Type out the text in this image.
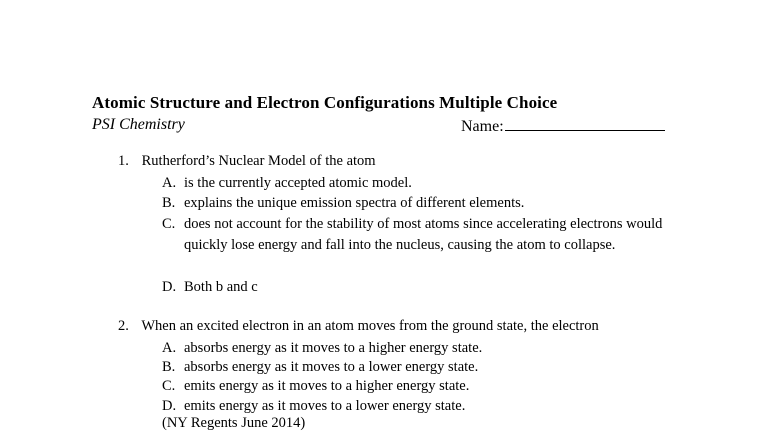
Atomic Structure and Electron Configurations Multiple Choice
PSI Chemistry	Name:
1. Rutherford’s Nuclear Model of the atom
A. is the currently accepted atomic model.
B. explains the unique emission spectra of different elements.
C. does not account for the stability of most atoms since accelerating electrons would quickly lose energy and fall into the nucleus, causing the atom to collapse.
D. Both b and c
2. When an excited electron in an atom moves from the ground state, the electron
A. absorbs energy as it moves to a higher energy state.
B. absorbs energy as it moves to a lower energy state.
C. emits energy as it moves to a higher energy state.
D. emits energy as it moves to a lower energy state.
(NY Regents June 2014)
